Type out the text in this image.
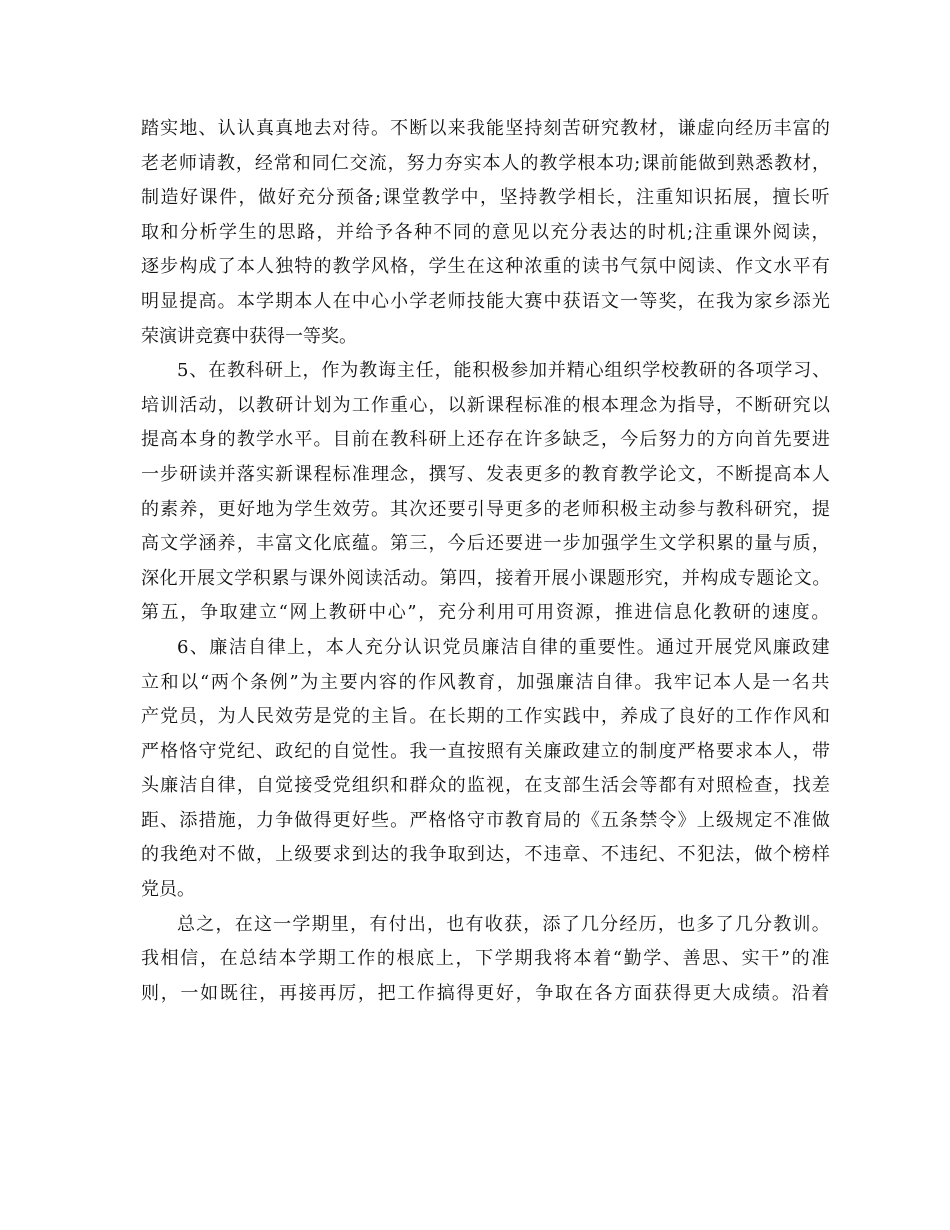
踏实地、认认真真地去对待。不断以来我能坚持刻苦研究教材，谦虚向经历丰富的
老老师请教，经常和同仁交流，努力夯实本人的教学根本功;课前能做到熟悉教材，
制造好课件，做好充分预备;课堂教学中，坚持教学相长，注重知识拓展，擅长听
取和分析学生的思路，并给予各种不同的意见以充分表达的时机;注重课外阅读，
逐步构成了本人独特的教学风格，学生在这种浓重的读书气氛中阅读、作文水平有
明显提高。本学期本人在中心小学老师技能大赛中获语文一等奖，在我为家乡添光
荣演讲竞赛中获得一等奖。
5、在教科研上，作为教诲主任，能积极参加并精心组织学校教研的各项学习、
培训活动，以教研计划为工作重心，以新课程标准的根本理念为指导，不断研究以
提高本身的教学水平。目前在教科研上还存在许多缺乏，今后努力的方向首先要进
一步研读并落实新课程标准理念，撰写、发表更多的教育教学论文，不断提高本人
的素养，更好地为学生效劳。其次还要引导更多的老师积极主动参与教科研究，提
高文学涵养，丰富文化底蕴。第三，今后还要进一步加强学生文学积累的量与质，
深化开展文学积累与课外阅读活动。第四，接着开展小课题形究，并构成专题论文。
第五，争取建立“网上教研中心”，充分利用可用资源，推进信息化教研的速度。
6、廉洁自律上，本人充分认识党员廉洁自律的重要性。通过开展党风廉政建
立和以“两个条例”为主要内容的作风教育，加强廉洁自律。我牢记本人是一名共
产党员，为人民效劳是党的主旨。在长期的工作实践中，养成了良好的工作作风和
严格恪守党纪、政纪的自觉性。我一直按照有关廉政建立的制度严格要求本人，带
头廉洁自律，自觉接受党组织和群众的监视，在支部生活会等都有对照检查，找差
距、添措施，力争做得更好些。严格恪守市教育局的《五条禁令》上级规定不准做
的我绝对不做，上级要求到达的我争取到达，不违章、不违纪、不犯法，做个榜样
党员。
总之，在这一学期里，有付出，也有收获，添了几分经历，也多了几分教训。
我相信，在总结本学期工作的根底上，下学期我将本着“勤学、善思、实干”的准
则，一如既往，再接再厉，把工作搞得更好，争取在各方面获得更大成绩。沿着
